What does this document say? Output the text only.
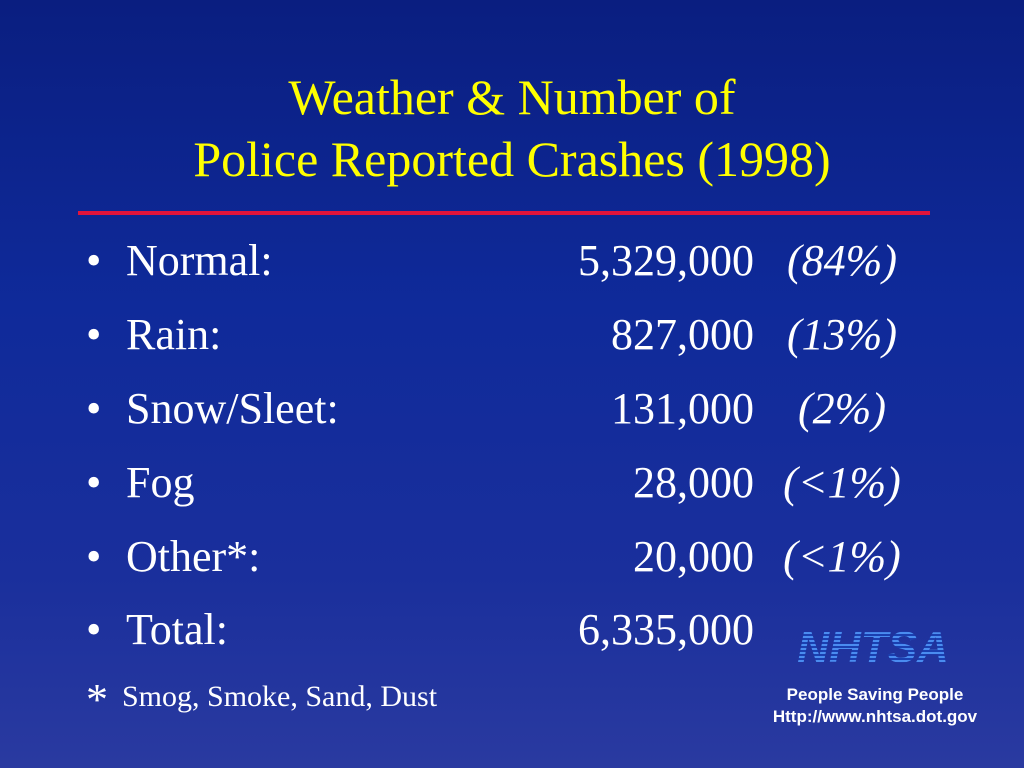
Weather & Number of
Police Reported Crashes (1998)
• Normal:	5,329,000 (84%)
• Rain:	827,000 (13%)
• Snow/Sleet:	131,000	(2%)
• Fog	28,000 (<1%)
• Other*:	20,000 (<1%)
• Total:	6,335,000
* Smog, Smoke, Sand, Dust
NHTSA
People Saving People
Http://www.nhtsa.dot.gov
